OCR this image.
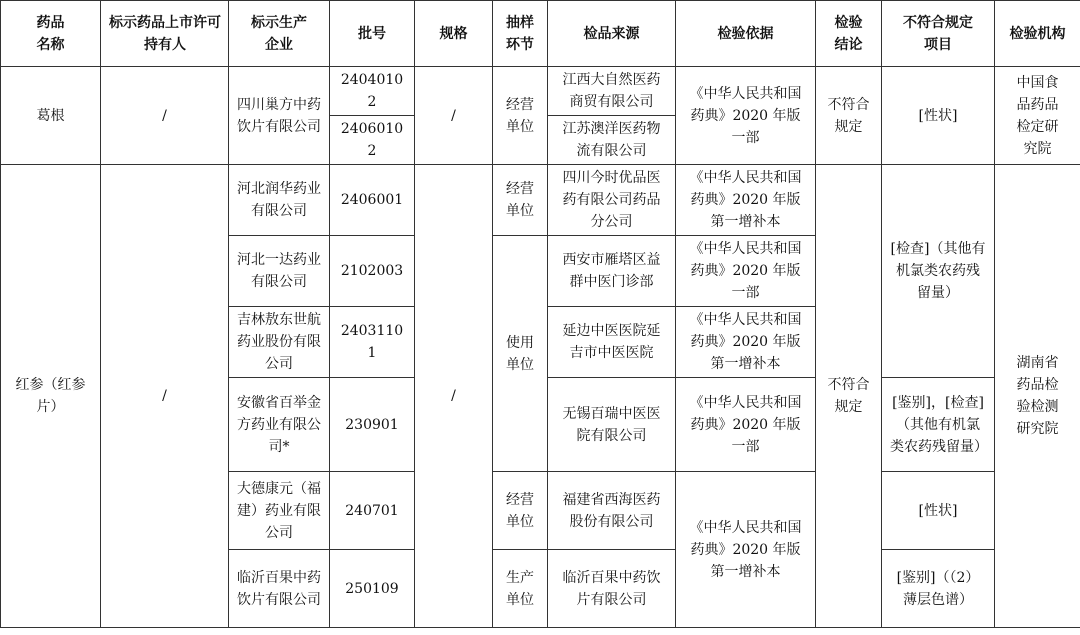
药品名称	标示药品上市许可持有人	标示生产企业	批号	规格	抽样环节	检品来源	检验依据	检验结论	不符合规定项目	检验机构
葛根	/	四川巢方中药饮片有限公司	24040102	/	经营单位	江西大自然医药商贸有限公司	《中华人民共和国药典》2020 年版一部	不符合规定	[性状]	中国食品药品检定研究院
			24060102			江苏澳洋医药物流有限公司				
红参（红参片）	/	河北润华药业有限公司	2406001	/	经营单位	四川今时优品医药有限公司药品分公司	《中华人民共和国药典》2020 年版第一增补本	不符合规定	[检查]（其他有机氯类农药残留量）	湖南省药品检验检测研究院
		河北一达药业有限公司	2102003		使用单位	西安市雁塔区益群中医门诊部	《中华人民共和国药典》2020 年版一部			
		吉林敖东世航药业股份有限公司	24031101			延边中医医院延吉市中医医院	《中华人民共和国药典》2020 年版第一增补本			
		安徽省百举金方药业有限公司*	230901			无锡百瑞中医医院有限公司	《中华人民共和国药典》2020 年版一部		[鉴别]，[检查]（其他有机氯类农药残留量）	
		大德康元（福建）药业有限公司	240701		经营单位	福建省西海医药股份有限公司	《中华人民共和国药典》2020 年版第一增补本		[性状]	
		临沂百果中药饮片有限公司	250109		生产单位	临沂百果中药饮片有限公司			[鉴别]（（2）薄层色谱）	
